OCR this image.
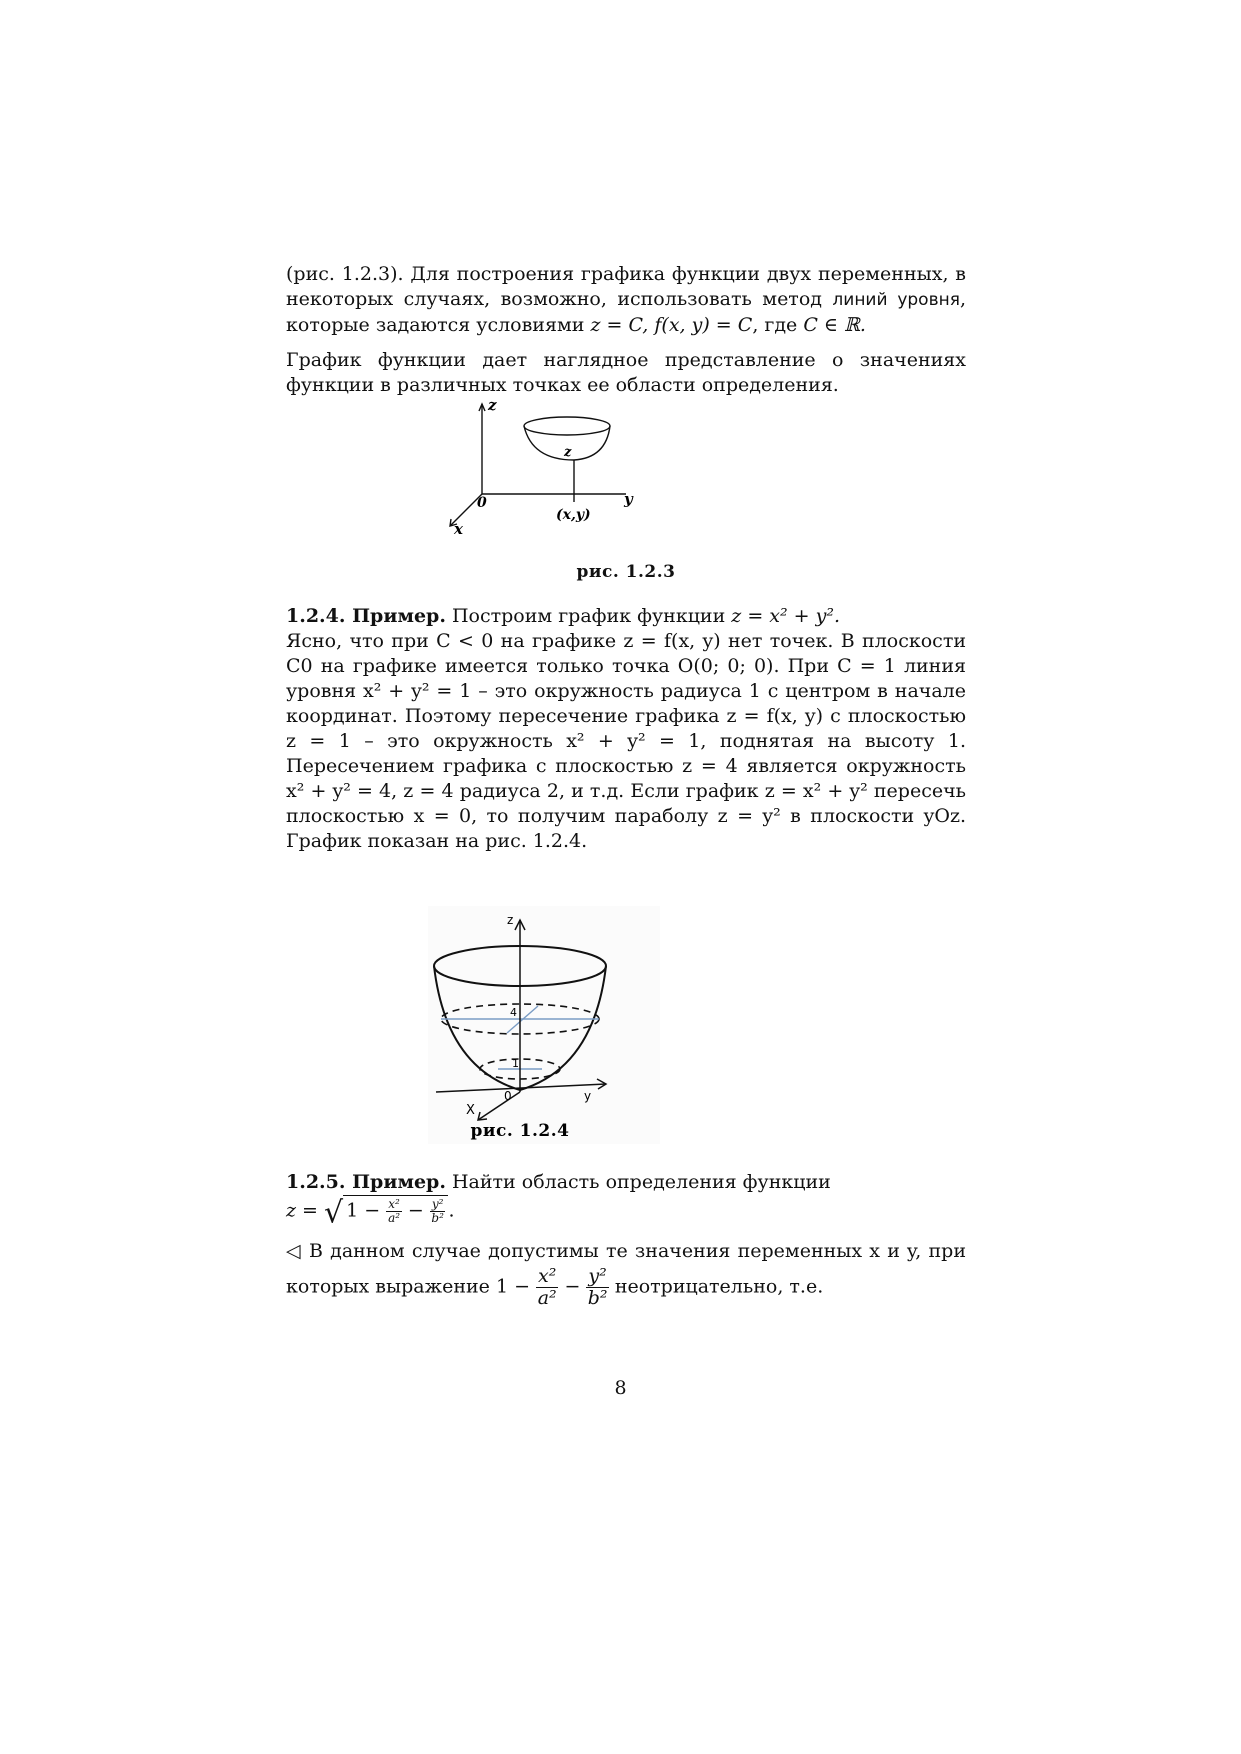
(рис. 1.2.3). Для построения графика функции двух переменных, в некоторых случаях, возможно, использовать метод линий уровня, которые задаются условиями z = C, f(x, y) = C, где C ∈ ℝ.

График функции дает наглядное представление о значениях функции в различных точках ее области определения.

z
y
x
0
z
(x,y)
рис. 1.2.3

1.2.4. Пример. Построим график функции z = x² + y².

Ясно, что при C < 0 на графике z = f(x, y) нет точек. В плоскости C0 на графике имеется только точка O(0; 0; 0). При C = 1 линия уровня x² + y² = 1 – это окружность радиуса 1 с центром в начале координат. Поэтому пересечение графика z = f(x, y) с плоскостью z = 1 – это окружность x² + y² = 1, поднятая на высоту 1. Пересечением графика с плоскостью z = 4 является окружность x² + y² = 4, z = 4 радиуса 2, и т.д. Если график z = x² + y² пересечь плоскостью x = 0, то получим параболу z = y² в плоскости yOz. График показан на рис. 1.2.4.

z
y
X
0
4
1
рис. 1.2.4

1.2.5. Пример. Найти область определения функции

z = √ $1 - \frac{\text{x²}}{\text{a²}} - \frac{\text{y²}}{\text{b²}}$ .

◁ В данном случае допустимы те значения переменных x и y, при которых выражение $1 - \frac{\text{x²}}{\text{a²}} - \frac{\text{y²}}{\text{b²}}$ неотрицательно, т.е.

8
